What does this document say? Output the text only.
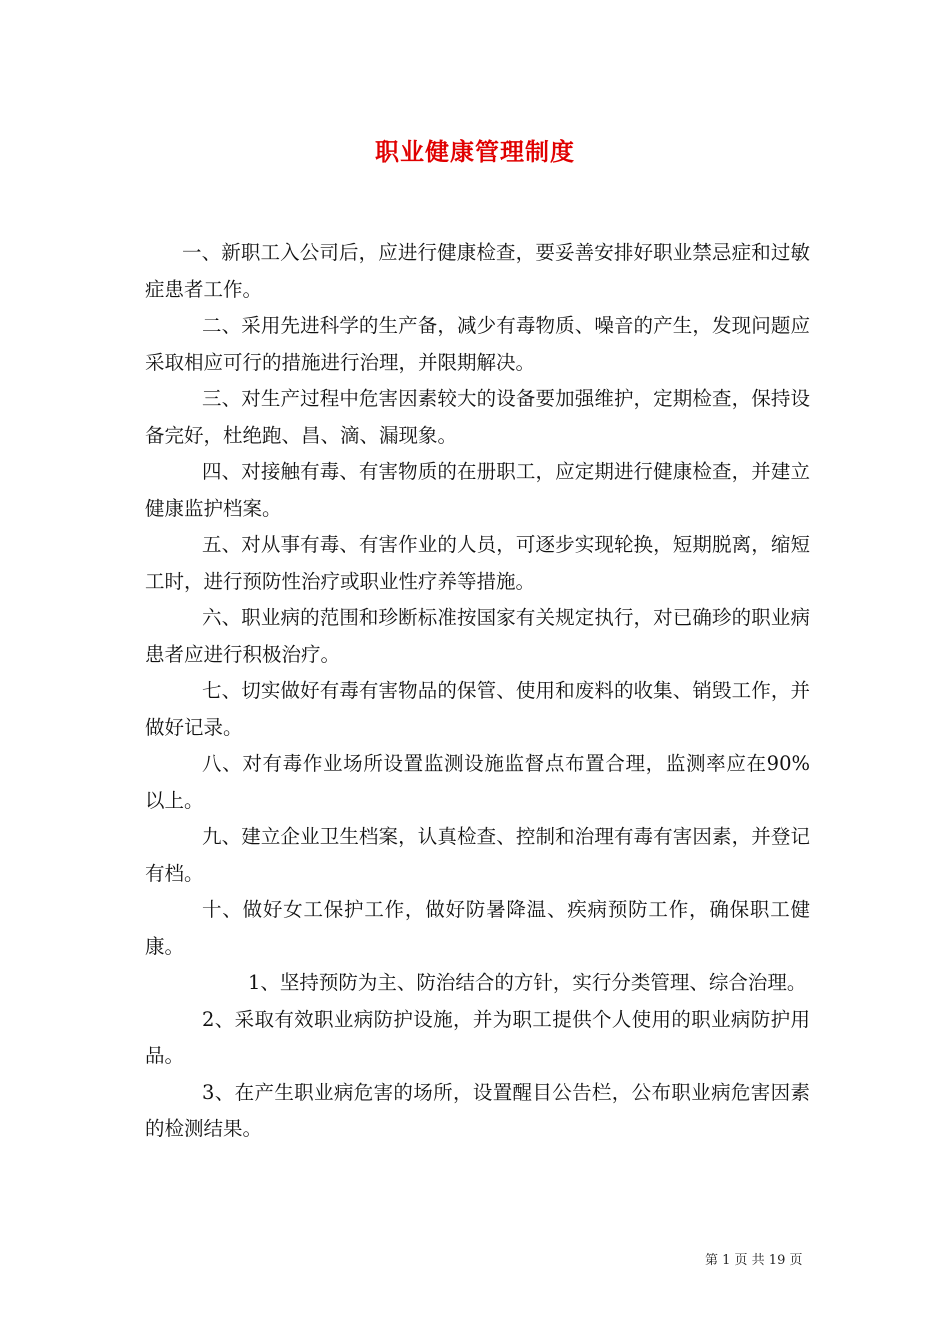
职业健康管理制度

一、新职工入公司后，应进行健康检查，要妥善安排好职业禁忌症和过敏症患者工作。

二、采用先进科学的生产备，减少有毒物质、噪音的产生，发现问题应采取相应可行的措施进行治理，并限期解决。

三、对生产过程中危害因素较大的设备要加强维护，定期检查，保持设备完好，杜绝跑、昌、滴、漏现象。

四、对接触有毒、有害物质的在册职工，应定期进行健康检查，并建立健康监护档案。

五、对从事有毒、有害作业的人员，可逐步实现轮换，短期脱离，缩短工时，进行预防性治疗或职业性疗养等措施。

六、职业病的范围和珍断标准按国家有关规定执行，对已确珍的职业病患者应进行积极治疗。

七、切实做好有毒有害物品的保管、使用和废料的收集、销毁工作，并做好记录。

八、对有毒作业场所设置监测设施监督点布置合理，监测率应在90%以上。

九、建立企业卫生档案，认真检查、控制和治理有毒有害因素，并登记有档。

十、做好女工保护工作，做好防暑降温、疾病预防工作，确保职工健康。

1、坚持预防为主、防治结合的方针，实行分类管理、综合治理。

2、采取有效职业病防护设施，并为职工提供个人使用的职业病防护用品。

3、在产生职业病危害的场所，设置醒目公告栏，公布职业病危害因素的检测结果。

第 1 页 共 19 页
